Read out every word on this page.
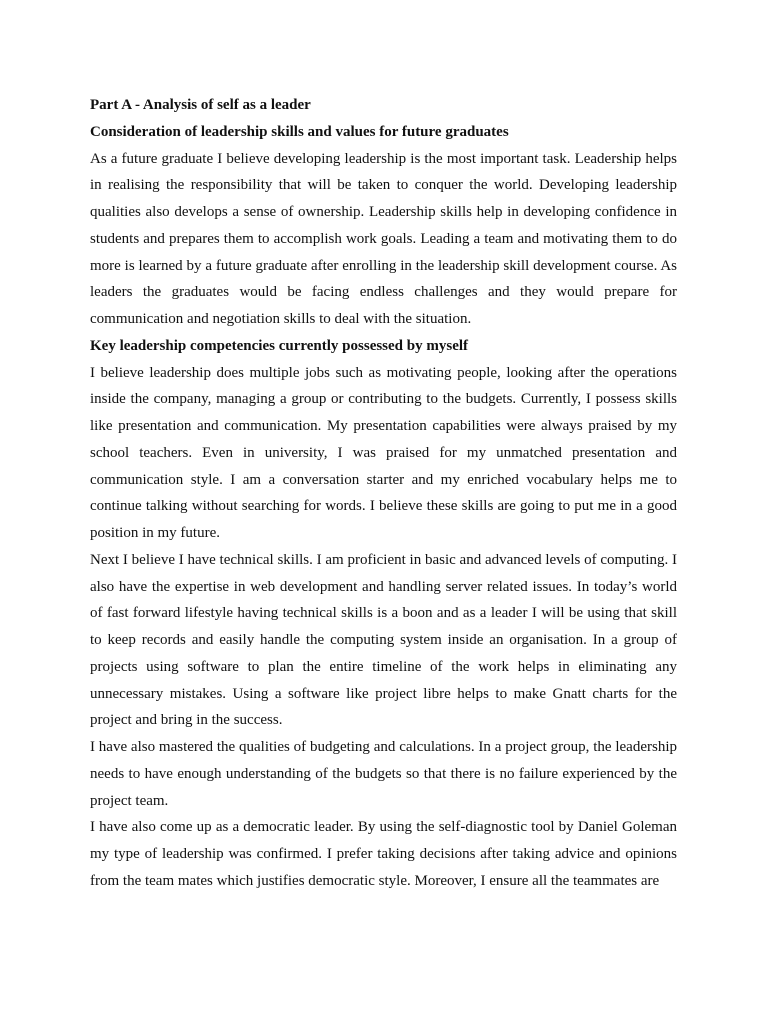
Part A - Analysis of self as a leader

Consideration of leadership skills and values for future graduates

As a future graduate I believe developing leadership is the most important task. Leadership helps in realising the responsibility that will be taken to conquer the world. Developing leadership qualities also develops a sense of ownership. Leadership skills help in developing confidence in students and prepares them to accomplish work goals. Leading a team and motivating them to do more is learned by a future graduate after enrolling in the leadership skill development course. As leaders the graduates would be facing endless challenges and they would prepare for communication and negotiation skills to deal with the situation.

Key leadership competencies currently possessed by myself

I believe leadership does multiple jobs such as motivating people, looking after the operations inside the company, managing a group or contributing to the budgets. Currently, I possess skills like presentation and communication. My presentation capabilities were always praised by my school teachers. Even in university, I was praised for my unmatched presentation and communication style. I am a conversation starter and my enriched vocabulary helps me to continue talking without searching for words. I believe these skills are going to put me in a good position in my future.

Next I believe I have technical skills. I am proficient in basic and advanced levels of computing. I also have the expertise in web development and handling server related issues. In today’s world of fast forward lifestyle having technical skills is a boon and as a leader I will be using that skill to keep records and easily handle the computing system inside an organisation. In a group of projects using software to plan the entire timeline of the work helps in eliminating any unnecessary mistakes. Using a software like project libre helps to make Gnatt charts for the project and bring in the success.

I have also mastered the qualities of budgeting and calculations. In a project group, the leadership needs to have enough understanding of the budgets so that there is no failure experienced by the project team.

I have also come up as a democratic leader. By using the self-diagnostic tool by Daniel Goleman my type of leadership was confirmed. I prefer taking decisions after taking advice and opinions from the team mates which justifies democratic style. Moreover, I ensure all the teammates are
